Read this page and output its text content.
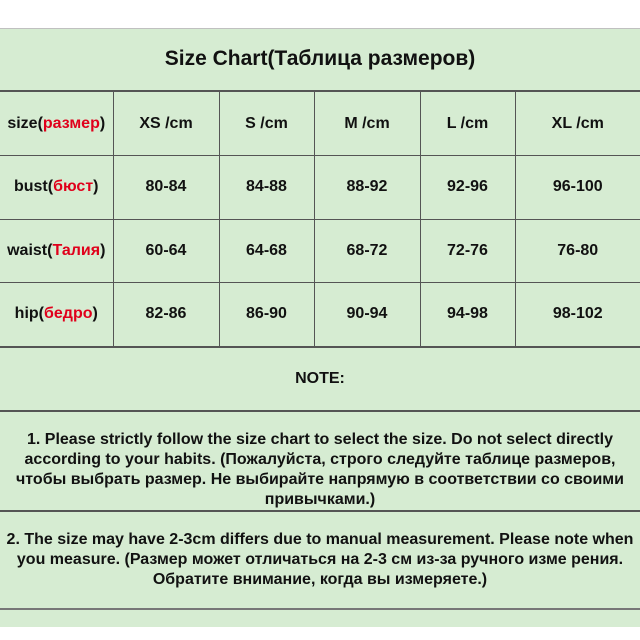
Size Chart(Таблица размеров)
size(размер)	XS /cm	S /cm	M /cm	L /cm	XL /cm
bust(бюст)	80-84	84-88	88-92	92-96	96-100
waist(Талия)	60-64	64-68	68-72	72-76	76-80
hip(бедро)	82-86	86-90	90-94	94-98	98-102
NOTE:
1. Please strictly follow the size chart to select the size. Do not select directly according to your habits. (Пожалуйста, строго следуйте таблице размеров, чтобы выбрать размер. Не выбирайте напрямую в соответствии со своими привычками.)
2. The size may have 2-3cm differs due to manual measurement. Please note when you measure. (Размер может отличаться на 2-3 см из-за ручного изме рения. Обратите внимание, когда вы измеряете.)
